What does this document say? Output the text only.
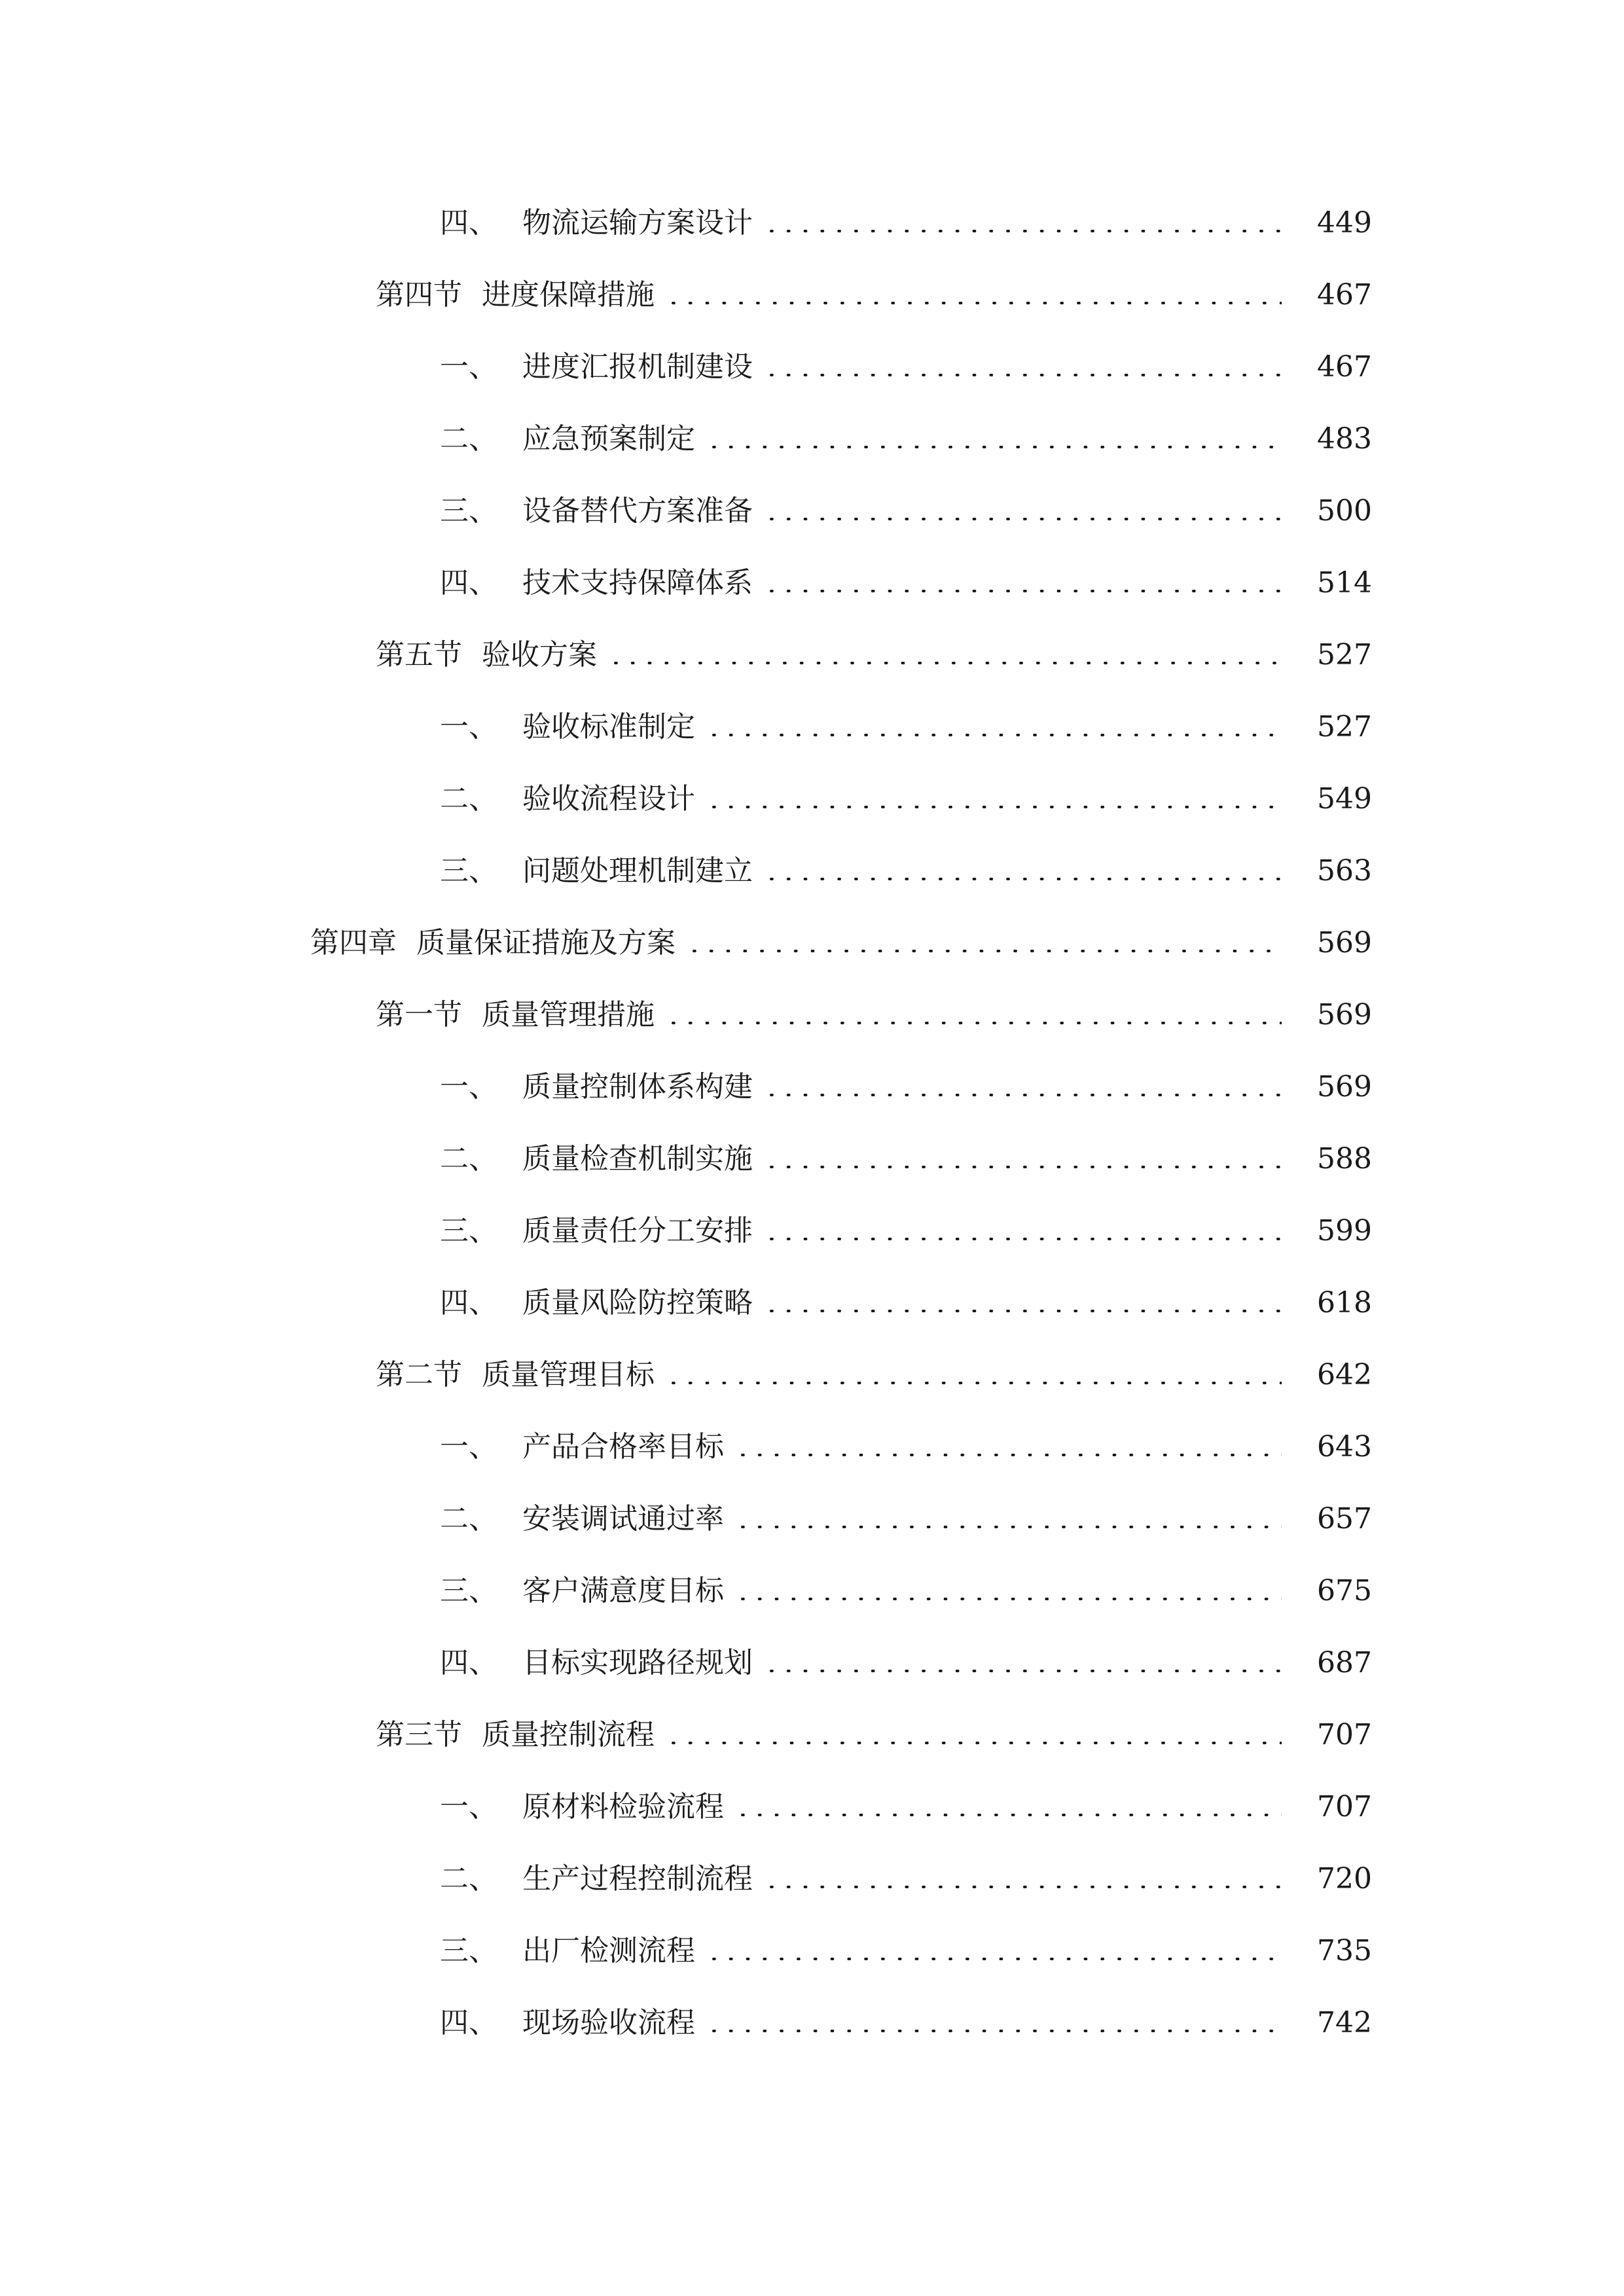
四、 物流运输方案设计	449
第四节 进度保障措施	467
一、 进度汇报机制建设	467
二、 应急预案制定	483
三、 设备替代方案准备	500
四、 技术支持保障体系	514
第五节 验收方案	527
一、 验收标准制定	527
二、 验收流程设计	549
三、 问题处理机制建立	563
第四章 质量保证措施及方案	569
第一节 质量管理措施	569
一、 质量控制体系构建	569
二、 质量检查机制实施	588
三、 质量责任分工安排	599
四、 质量风险防控策略	618
第二节 质量管理目标	642
一、 产品合格率目标	643
二、 安装调试通过率	657
三、 客户满意度目标	675
四、 目标实现路径规划	687
第三节 质量控制流程	707
一、 原材料检验流程	707
二、 生产过程控制流程	720
三、 出厂检测流程	735
四、 现场验收流程	742
